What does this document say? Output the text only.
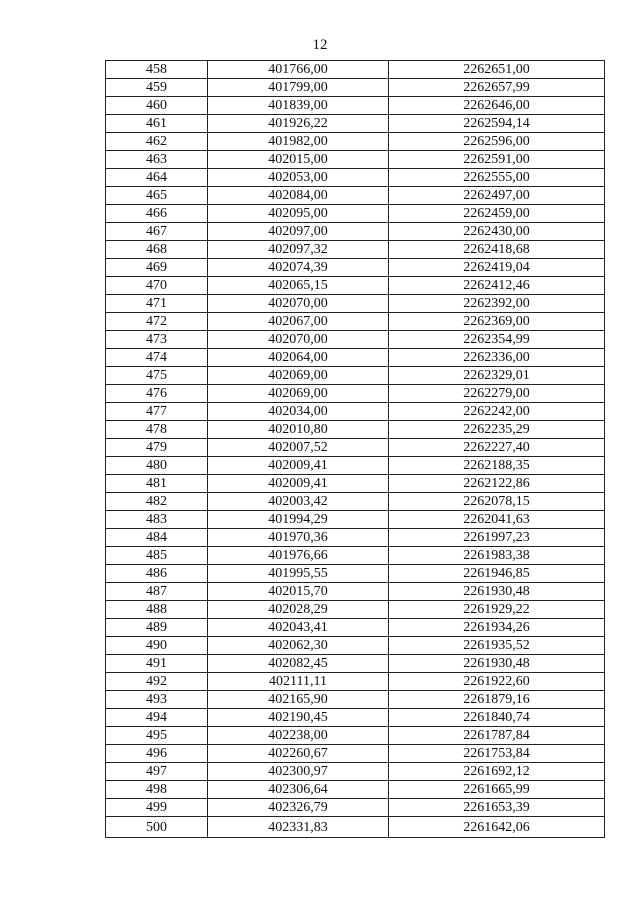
12
458	401766,00	2262651,00
459	401799,00	2262657,99
460	401839,00	2262646,00
461	401926,22	2262594,14
462	401982,00	2262596,00
463	402015,00	2262591,00
464	402053,00	2262555,00
465	402084,00	2262497,00
466	402095,00	2262459,00
467	402097,00	2262430,00
468	402097,32	2262418,68
469	402074,39	2262419,04
470	402065,15	2262412,46
471	402070,00	2262392,00
472	402067,00	2262369,00
473	402070,00	2262354,99
474	402064,00	2262336,00
475	402069,00	2262329,01
476	402069,00	2262279,00
477	402034,00	2262242,00
478	402010,80	2262235,29
479	402007,52	2262227,40
480	402009,41	2262188,35
481	402009,41	2262122,86
482	402003,42	2262078,15
483	401994,29	2262041,63
484	401970,36	2261997,23
485	401976,66	2261983,38
486	401995,55	2261946,85
487	402015,70	2261930,48
488	402028,29	2261929,22
489	402043,41	2261934,26
490	402062,30	2261935,52
491	402082,45	2261930,48
492	402111,11	2261922,60
493	402165,90	2261879,16
494	402190,45	2261840,74
495	402238,00	2261787,84
496	402260,67	2261753,84
497	402300,97	2261692,12
498	402306,64	2261665,99
499	402326,79	2261653,39
500	402331,83	2261642,06
